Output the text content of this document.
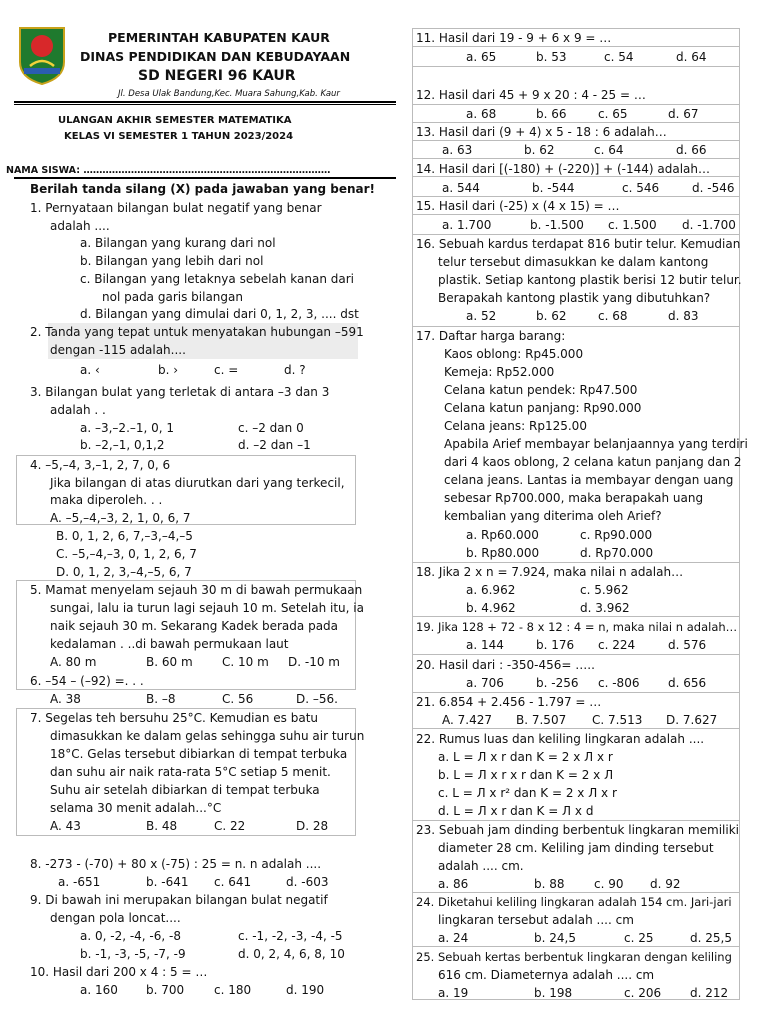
PEMERINTAH KABUPATEN KAUR
DINAS PENDIDIKAN DAN KEBUDAYAAN
SD NEGERI 96 KAUR
Jl. Desa Ulak Bandung,Kec. Muara Sahung,Kab. Kaur
ULANGAN AKHIR SEMESTER MATEMATIKA
KELAS VI SEMESTER 1 TAHUN 2023/2024
NAMA SISWA: ……………………………………………………………………
Berilah tanda silang (X) pada jawaban yang benar!
1. Pernyataan bilangan bulat negatif yang benar
adalah ....
a. Bilangan yang kurang dari nol
b. Bilangan yang lebih dari nol
c. Bilangan yang letaknya sebelah kanan dari
nol pada garis bilangan
d. Bilangan yang dimulai dari 0, 1, 2, 3, .... dst
2. Tanda yang tepat untuk menyatakan hubungan –591
dengan -115 adalah....
a. ‹	b. ›	c. =	d. ?
3. Bilangan bulat yang terletak di antara –3 dan 3
adalah . .
a. –3,–2.–1, 0, 1	c. –2 dan 0
b. –2,–1, 0,1,2	d. –2 dan –1
4. –5,–4, 3,–1, 2, 7, 0, 6
Jika bilangan di atas diurutkan dari yang terkecil,
maka diperoleh. . .
A. –5,–4,–3, 2, 1, 0, 6, 7
B. 0, 1, 2, 6, 7,–3,–4,–5
C. –5,–4,–3, 0, 1, 2, 6, 7
D. 0, 1, 2, 3,–4,–5, 6, 7
5. Mamat menyelam sejauh 30 m di bawah permukaan
sungai, lalu ia turun lagi sejauh 10 m. Setelah itu, ia
naik sejauh 30 m. Sekarang Kadek berada pada
kedalaman . ..di bawah permukaan laut
A. 80 m	B. 60 m C. 10 m D. -10 m
6. –54 – (–92) =. . .
A. 38	B. –8	C. 56	D. –56.
7. Segelas teh bersuhu 25°C. Kemudian es batu
dimasukkan ke dalam gelas sehingga suhu air turun
18°C. Gelas tersebut dibiarkan di tempat terbuka
dan suhu air naik rata-rata 5°C setiap 5 menit.
Suhu air setelah dibiarkan di tempat terbuka
selama 30 menit adalah...°C
A. 43	B. 48	C. 22	D. 28
8. -273 - (-70) + 80 x (-75) : 25 = n. n adalah ....
a. -651	b. -641 c. 641	d. -603
9. Di bawah ini merupakan bilangan bulat negatif
dengan pola loncat....
a. 0, -2, -4, -6, -8	c. -1, -2, -3, -4, -5
b. -1, -3, -5, -7, -9	d. 0, 2, 4, 6, 8, 10
10. Hasil dari 200 x 4 : 5 = …
a. 160 b. 700 c. 180	d. 190
11. Hasil dari 19 - 9 + 6 x 9 = …
a. 65	b. 53	c. 54	d. 64
12. Hasil dari 45 + 9 x 20 : 4 - 25 = …
a. 68	b. 66	c. 65	d. 67
13. Hasil dari (9 + 4) x 5 - 18 : 6 adalah…
a. 63	b. 62	c. 64	d. 66
14. Hasil dari [(-180) + (-220)] + (-144) adalah…
a. 544	b. -544	c. 546	d. -546
15. Hasil dari (-25) x (4 x 15) = …
a. 1.700	b. -1.500 c. 1.500 d. -1.700
16. Sebuah kardus terdapat 816 butir telur. Kemudian
telur tersebut dimasukkan ke dalam kantong
plastik. Setiap kantong plastik berisi 12 butir telur.
Berapakah kantong plastik yang dibutuhkan?
a. 52	b. 62	c. 68	d. 83
17. Daftar harga barang:
Kaos oblong: Rp45.000
Kemeja: Rp52.000
Celana katun pendek: Rp47.500
Celana katun panjang: Rp90.000
Celana jeans: Rp125.00
Apabila Arief membayar belanjaannya yang terdiri
dari 4 kaos oblong, 2 celana katun panjang dan 2
celana jeans. Lantas ia membayar dengan uang
sebesar Rp700.000, maka berapakah uang
kembalian yang diterima oleh Arief?
a. Rp60.000	c. Rp90.000
b. Rp80.000	d. Rp70.000
18. Jika 2 x n = 7.924, maka nilai n adalah…
a. 6.962	c. 5.962
b. 4.962	d. 3.962
19. Jika 128 + 72 - 8 x 12 : 4 = n, maka nilai n adalah…
a. 144	b. 176 c. 224	d. 576
20. Hasil dari : -350-456= …..
a. 706	b. -256 c. -806 d. 656
21. 6.854 + 2.456 - 1.797 = …
A. 7.427 B. 7.507 C. 7.513 D. 7.627
22. Rumus luas dan keliling lingkaran adalah ....
a. L = Л x r dan K = 2 x Л x r
b. L = Л x r x r dan K = 2 x Л
c. L = Л x r² dan K = 2 x Л x r
d. L = Л x r dan K = Л x d
23. Sebuah jam dinding berbentuk lingkaran memiliki
diameter 28 cm. Keliling jam dinding tersebut
adalah .... cm.
a. 86	b. 88 c. 90 d. 92
24. Diketahui keliling lingkaran adalah 154 cm. Jari-jari
lingkaran tersebut adalah .... cm
a. 24	b. 24,5	c. 25	d. 25,5
25. Sebuah kertas berbentuk lingkaran dengan keliling
616 cm. Diameternya adalah .... cm
a. 19	b. 198	c. 206 d. 212
